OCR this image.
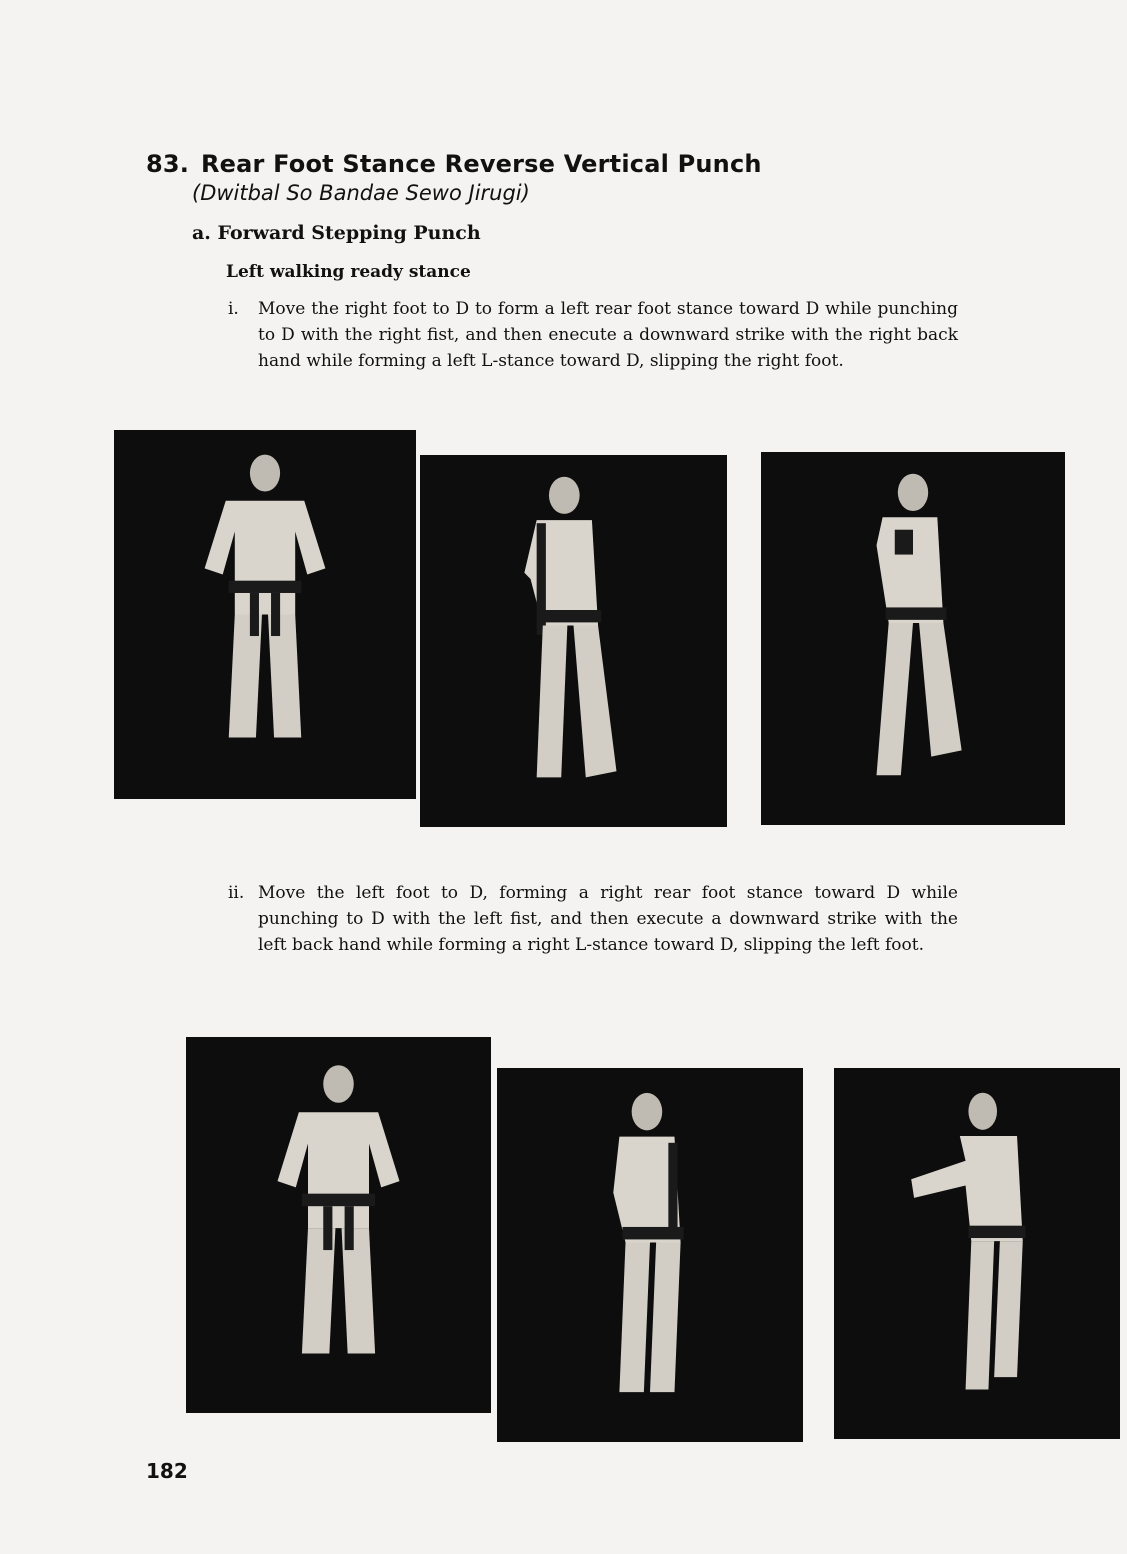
83. Rear Foot Stance Reverse Vertical Punch
(Dwitbal So Bandae Sewo Jirugi)
a. Forward Stepping Punch
Left walking ready stance
i. Move the right foot to D to form a left rear foot stance toward D while punching to D with the right fist, and then enecute a downward strike with the right back hand while forming a left L-stance toward D, slipping the right foot.
ii. Move the left foot to D, forming a right rear foot stance toward D while punching to D with the left fist, and then execute a downward strike with the left back hand while forming a right L-stance toward D, slipping the left foot.
182
